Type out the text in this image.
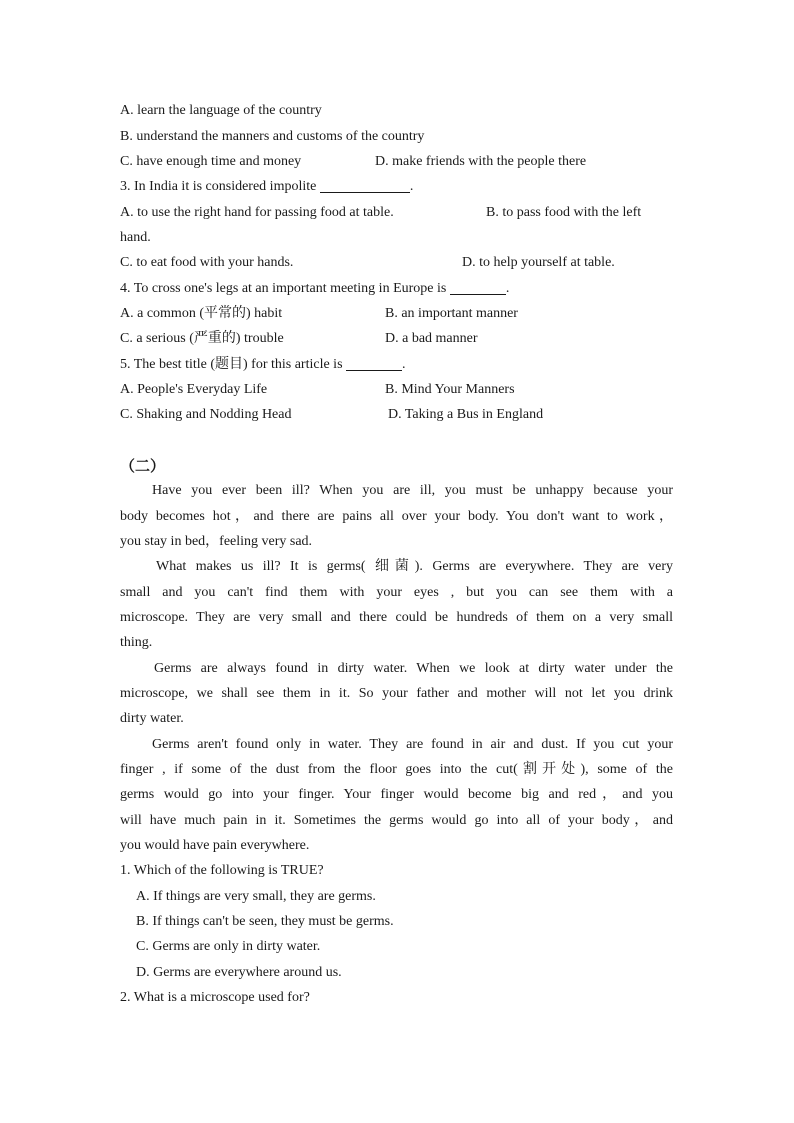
A. learn the language of the country
B. understand the manners and customs of the country
C. have enough time and money	D. make friends with the people there
3. In India it is considered impolite	.
A. to use the right hand for passing food at table.	B. to pass food with the left
hand.
C. to eat food with your hands.	D. to help yourself at table.
4. To cross one's legs at an important meeting in Europe is	.
A. a common (平常的) habit	B. an important manner
C. a serious (严重的) trouble	D. a bad manner
5. The best title (题目) for this article is	.
A. People's Everyday Life	B. Mind Your Manners
C. Shaking and Nodding Head	D. Taking a Bus in England
（二）
Have you ever been ill? When you are ill, you must be unhappy because your
body becomes hot，and there are pains all over your body. You don't want to work，
you stay in bed，feeling very sad.
What makes us ill? It is germs( 细菌). Germs are everywhere. They are very
small and you can't find them with your eyes , but you can see them with a
microscope. They are very small and there could be hundreds of them on a very small
thing.
Germs are always found in dirty water. When we look at dirty water under the
microscope, we shall see them in it. So your father and mother will not let you drink
dirty water.
Germs aren't found only in water. They are found in air and dust. If you cut your
finger , if some of the dust from the floor goes into the cut(割开处), some of the
germs would go into your finger. Your finger would become big and red，and you
will have much pain in it. Sometimes the germs would go into all of your body，and
you would have pain everywhere.
1. Which of the following is TRUE?
A. If things are very small, they are germs.
B. If things can't be seen, they must be germs.
C. Germs are only in dirty water.
D. Germs are everywhere around us.
2. What is a microscope used for?
